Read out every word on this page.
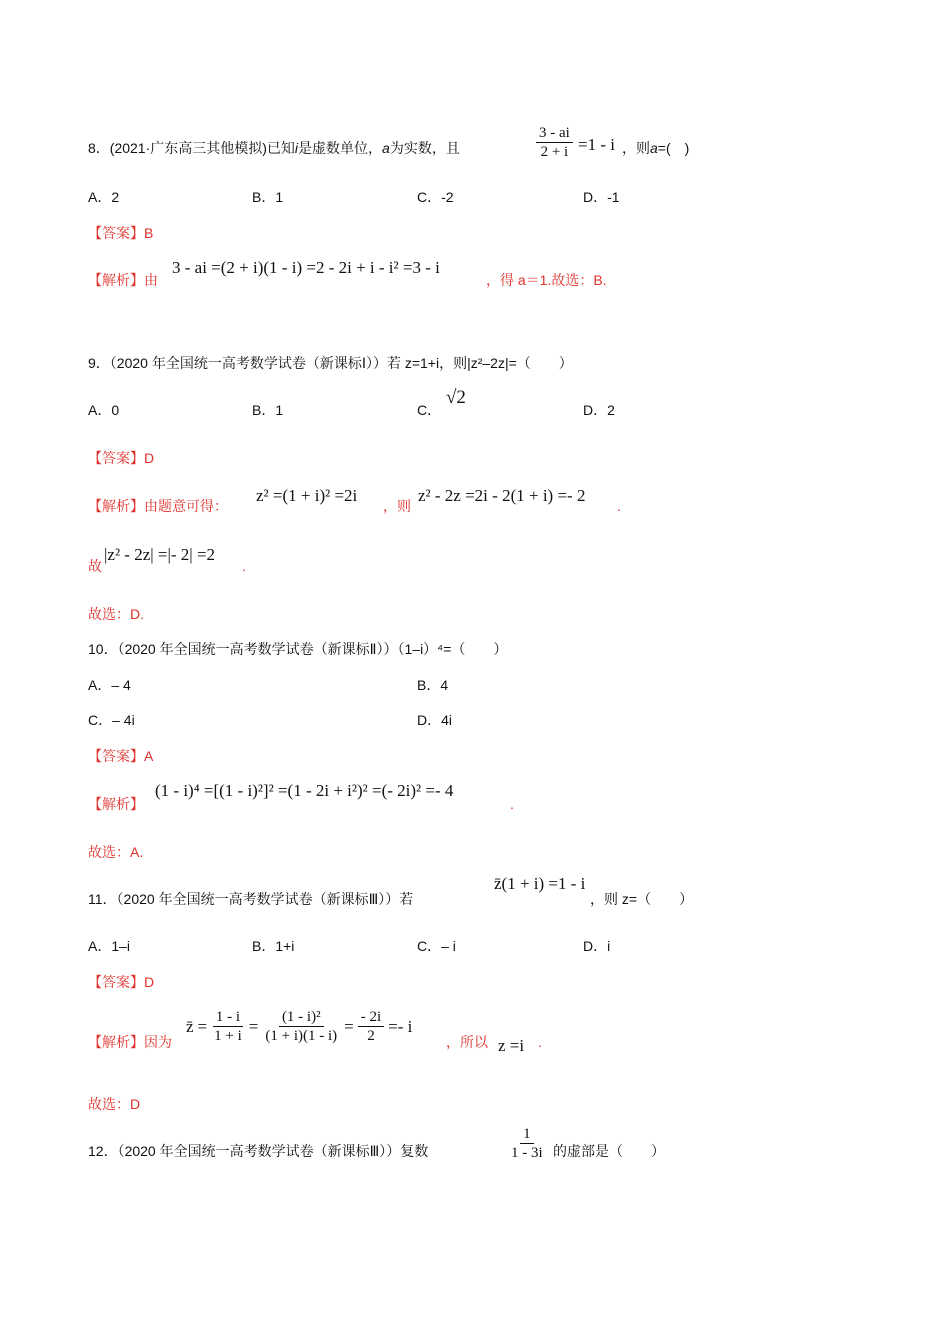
8．(2021·广东高三其他模拟)已知i是虚数单位，a为实数，且	$\frac{3 - ai}{2 + i} =1 - i$ ，则a=(　)
A．2	B．1	C．-2	D．-1
【答案】B
【解析】由
3 - ai =(2 + i)(1 - i) =2 - 2i + i - i² =3 - i
，得 a＝1.故选：B.
9．（2020 年全国统一高考数学试卷（新课标Ⅰ））若 z=1+i，则|z²–2z|=（　　）
A．0	B．1	C．
√2
D．2
【答案】D
【解析】由题意可得：
z² =(1 + i)² =2i
，则
z² - 2z =2i - 2(1 + i) =- 2
.
故
|z² - 2z| =|- 2| =2
.
故选：D.
10．（2020 年全国统一高考数学试卷（新课标Ⅱ））（1–i）⁴=（　　）
A．– 4	B．4
C．– 4i	D．4i
【答案】A
【解析】
(1 - i)⁴ =[(1 - i)²]² =(1 - 2i + i²)² =(- 2i)² =- 4
.
故选：A.
11．（2020 年全国统一高考数学试卷（新课标Ⅲ））若
z̄(1 + i) =1 - i
，则 z=（　　）
A．1–i	B．1+i	C．– i	D．i
【答案】D
【解析】因为
z̄ = $\frac{1 - i}{1 + i} = \frac{\text{(1 - i)²}}{(1 + i)(1 - i)} = \frac{- 2i}{2} =- i$
，所以 z =i .
故选：D
12．（2020 年全国统一高考数学试卷（新课标Ⅲ））复数	$\frac{1}{1 - 3i}$ 的虚部是（　　）
